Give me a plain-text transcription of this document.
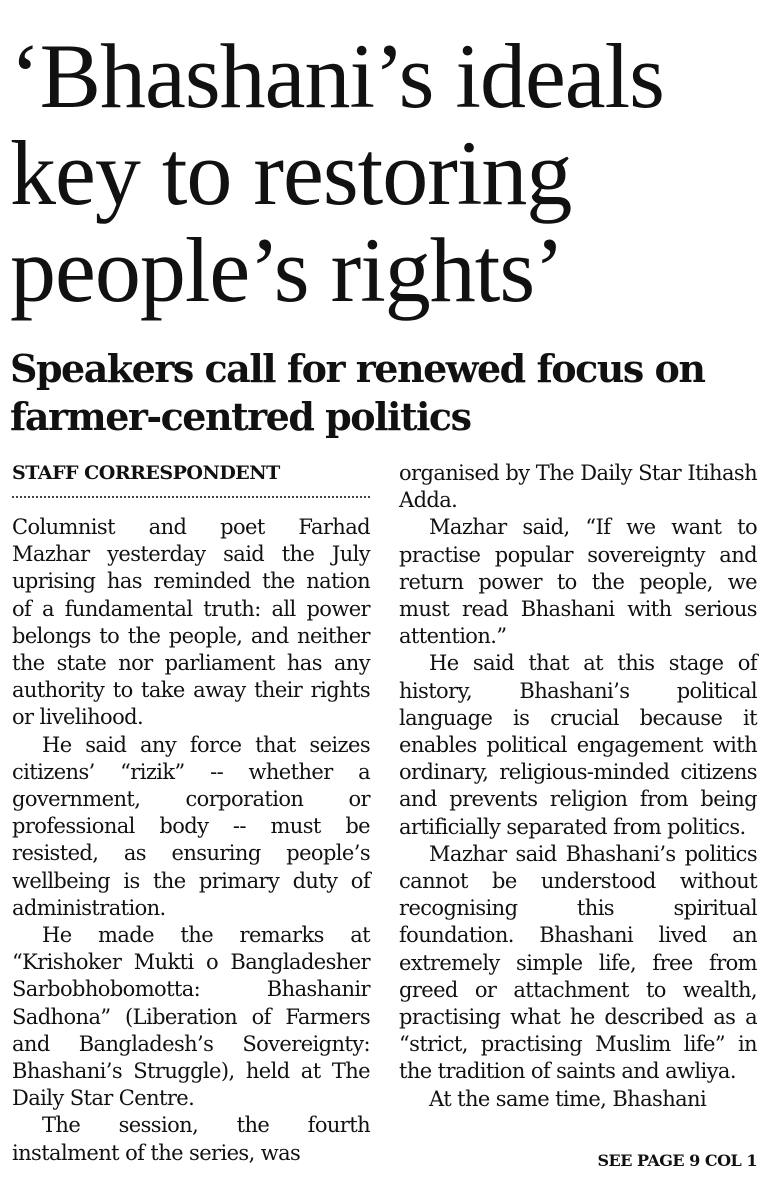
‘Bhashani’s ideals
key to restoring
people’s rights’
Speakers call for renewed focus on
farmer-centred politics
STAFF CORRESPONDENT

Columnist and poet Farhad Mazhar yesterday said the July uprising has reminded the nation of a fundamental truth: all power belongs to the people, and neither the state nor parliament has any authority to take away their rights or livelihood.

He said any force that seizes citizens’ “rizik” -- whether a government, corporation or professional body -- must be resisted, as ensuring people’s wellbeing is the primary duty of administration.

He made the remarks at “Krishoker Mukti o Bangladesher Sarbobhobomotta: Bhashanir Sadhona” (Liberation of Farmers and Bangladesh’s Sovereignty: Bhashani’s Struggle), held at The Daily Star Centre.

The session, the fourth instalment of the series, was

organised by The Daily Star Itihash Adda.

Mazhar said, “If we want to practise popular sovereignty and return power to the people, we must read Bhashani with serious attention.”

He said that at this stage of history, Bhashani’s political language is crucial because it enables political engagement with ordinary, religious-minded citizens and prevents religion from being artificially separated from politics.

Mazhar said Bhashani’s politics cannot be understood without recognising this spiritual foundation. Bhashani lived an extremely simple life, free from greed or attachment to wealth, practising what he described as a “strict, practising Muslim life” in the tradition of saints and awliya.

At the same time, Bhashani

SEE PAGE 9 COL 1
